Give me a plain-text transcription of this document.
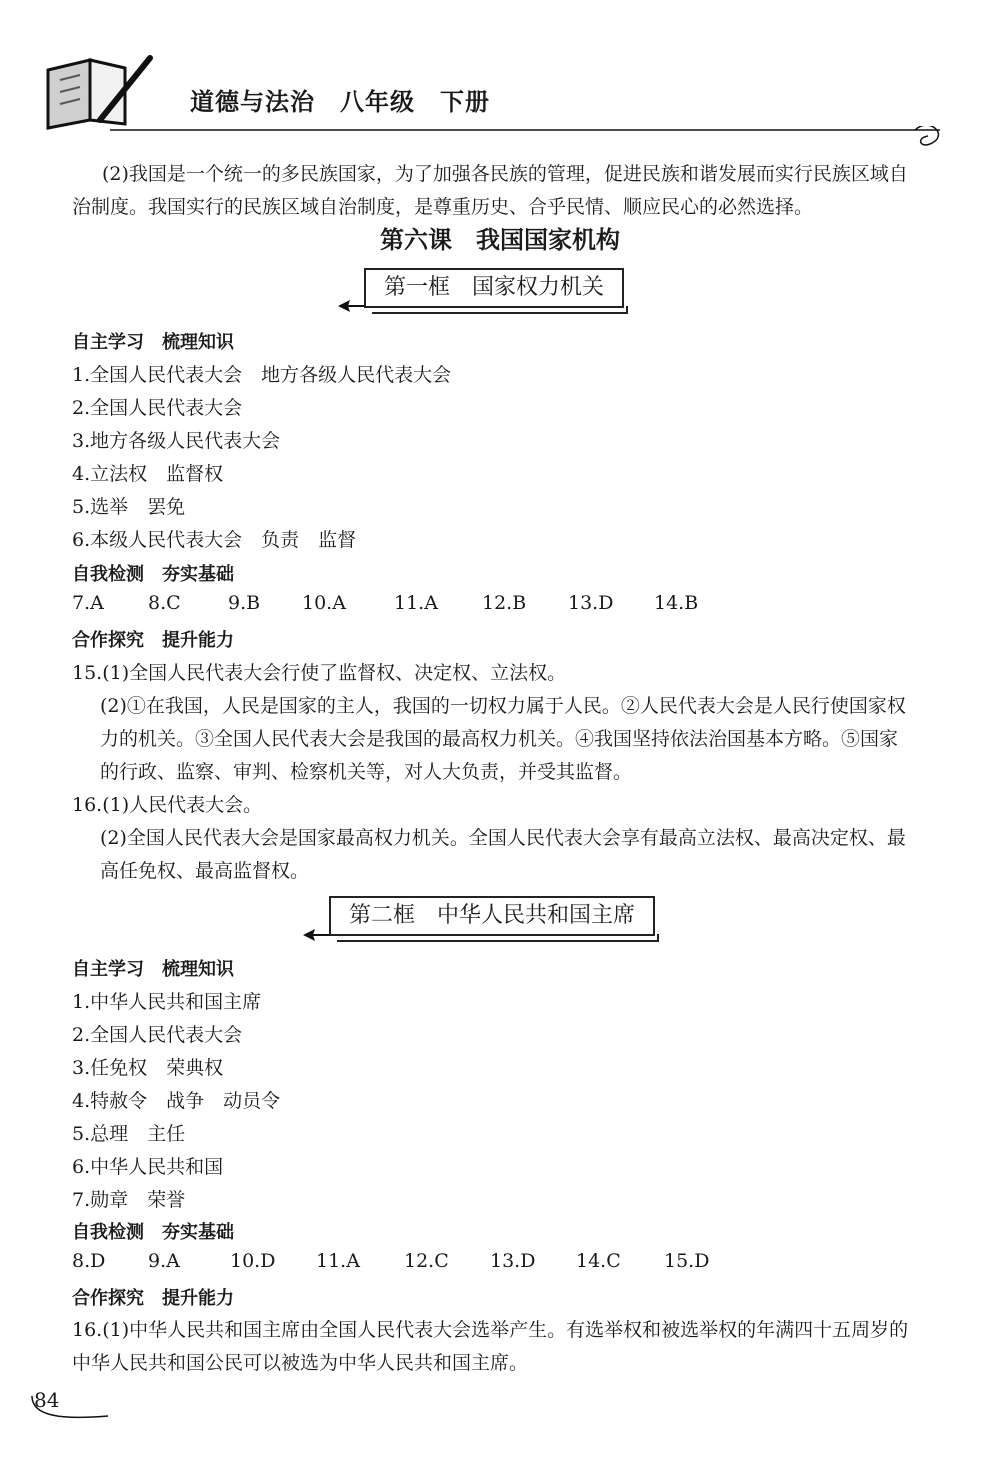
道德与法治　八年级　下册
(2)我国是一个统一的多民族国家，为了加强各民族的管理，促进民族和谐发展而实行民族区域自治制度。我国实行的民族区域自治制度，是尊重历史、合乎民情、顺应民心的必然选择。
第六课　我国国家机构
第一框　国家权力机关
自主学习　梳理知识
1.全国人民代表大会　地方各级人民代表大会
2.全国人民代表大会
3.地方各级人民代表大会
4.立法权　监督权
5.选举　罢免
6.本级人民代表大会　负责　监督
自我检测　夯实基础
7.A 8.C 9.B 10.A	11.A 12.B 13.D 14.B
合作探究　提升能力
15.(1)全国人民代表大会行使了监督权、决定权、立法权。
(2)①在我国，人民是国家的主人，我国的一切权力属于人民。②人民代表大会是人民行使国家权力的机关。③全国人民代表大会是我国的最高权力机关。④我国坚持依法治国基本方略。⑤国家的行政、监察、审判、检察机关等，对人大负责，并受其监督。
16.(1)人民代表大会。
(2)全国人民代表大会是国家最高权力机关。全国人民代表大会享有最高立法权、最高决定权、最高任免权、最高监督权。
第二框　中华人民共和国主席
自主学习　梳理知识
1.中华人民共和国主席
2.全国人民代表大会
3.任免权　荣典权
4.特赦令　战争　动员令
5.总理　主任
6.中华人民共和国
7.勋章　荣誉
自我检测　夯实基础
8.D 9.A	10.D 11.A 12.C 13.D 14.C 15.D
合作探究　提升能力
16.(1)中华人民共和国主席由全国人民代表大会选举产生。有选举权和被选举权的年满四十五周岁的中华人民共和国公民可以被选为中华人民共和国主席。
84
